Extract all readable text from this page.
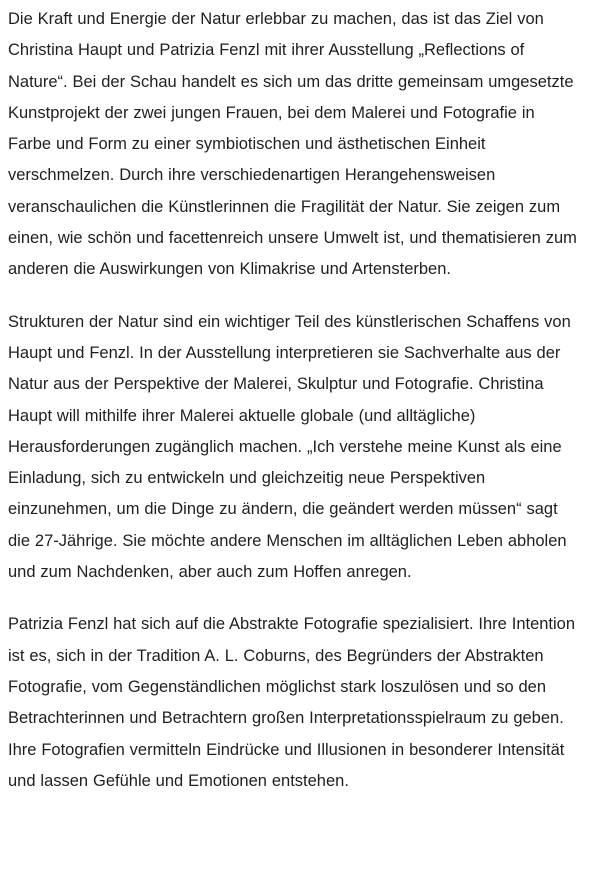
Die Kraft und Energie der Natur erlebbar zu machen, das ist das Ziel von Christina Haupt und Patrizia Fenzl mit ihrer Ausstellung „Reflections of Nature“. Bei der Schau handelt es sich um das dritte gemeinsam umgesetzte Kunstprojekt der zwei jungen Frauen, bei dem Malerei und Fotografie in Farbe und Form zu einer symbiotischen und ästhetischen Einheit verschmelzen. Durch ihre verschiedenartigen Herangehensweisen veranschaulichen die Künstlerinnen die Fragilität der Natur. Sie zeigen zum einen, wie schön und facettenreich unsere Umwelt ist, und thematisieren zum anderen die Auswirkungen von Klimakrise und Artensterben.

Strukturen der Natur sind ein wichtiger Teil des künstlerischen Schaffens von Haupt und Fenzl. In der Ausstellung interpretieren sie Sachverhalte aus der Natur aus der Perspektive der Malerei, Skulptur und Fotografie. Christina Haupt will mithilfe ihrer Malerei aktuelle globale (und alltägliche) Herausforderungen zugänglich machen. „Ich verstehe meine Kunst als eine Einladung, sich zu entwickeln und gleichzeitig neue Perspektiven einzunehmen, um die Dinge zu ändern, die geändert werden müssen“ sagt die 27-Jährige. Sie möchte andere Menschen im alltäglichen Leben abholen und zum Nachdenken, aber auch zum Hoffen anregen.

Patrizia Fenzl hat sich auf die Abstrakte Fotografie spezialisiert. Ihre Intention ist es, sich in der Tradition A. L. Coburns, des Begründers der Abstrakten Fotografie, vom Gegenständlichen möglichst stark loszulösen und so den Betrachterinnen und Betrachtern großen Interpretationsspielraum zu geben. Ihre Fotografien vermitteln Eindrücke und Illusionen in besonderer Intensität und lassen Gefühle und Emotionen entstehen.
